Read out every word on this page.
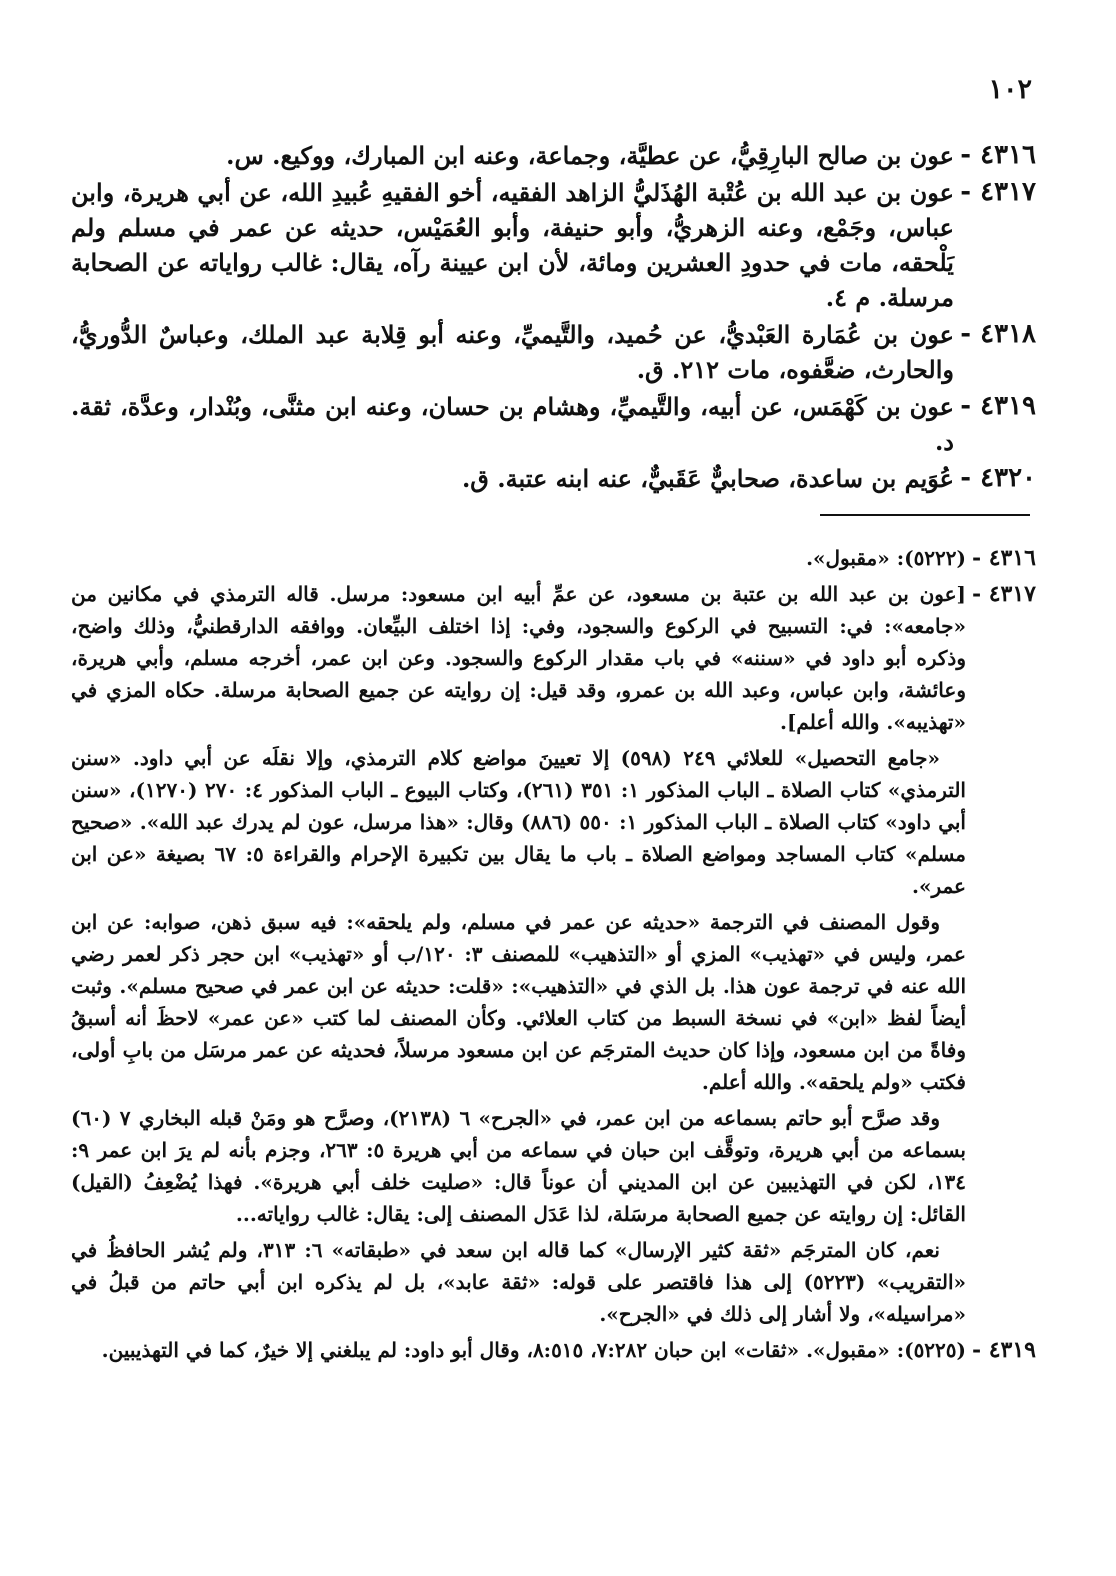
١٠٢
٤٣١٦ -
عون بن صالح البارِقِيُّ، عن عطيَّة، وجماعة، وعنه ابن المبارك، ووكيع. س.
٤٣١٧ -
عون بن عبد الله بن عُتْبة الهُذَليُّ الزاهد الفقيه، أخو الفقيهِ عُبيدِ الله، عن أبي هريرة، وابن عباس، وجَمْع، وعنه الزهريُّ، وأبو حنيفة، وأبو العُمَيْس، حديثه عن عمر في مسلم ولم يَلْحقه، مات في حدودِ العشرين ومائة، لأن ابن عيينة رآه، يقال: غالب رواياته عن الصحابة مرسلة. م ٤.
٤٣١٨ -
عون بن عُمَارة العَبْديُّ، عن حُميد، والتَّيميِّ، وعنه أبو قِلابة عبد الملك، وعباسٌ الدُّوريُّ، والحارث، ضعَّفوه، مات ٢١٢. ق.
٤٣١٩ -
عون بن كَهْمَس، عن أبيه، والتَّيميِّ، وهشام بن حسان، وعنه ابن مثنَّى، وبُنْدار، وعدَّة، ثقة. د.
٤٣٢٠ -
عُوَيم بن ساعدة، صحابيٌّ عَقَبيٌّ، عنه ابنه عتبة. ق.
٤٣١٦ -
(٥٢٢٢): «مقبول».
٤٣١٧ -
[عون بن عبد الله بن عتبة بن مسعود، عن عمِّ أبيه ابن مسعود: مرسل. قاله الترمذي في مكانين من «جامعه»: في: التسبيح في الركوع والسجود، وفي: إذا اختلف البيِّعان. ووافقه الدارقطنيُّ، وذلك واضح، وذكره أبو داود في «سننه» في باب مقدار الركوع والسجود. وعن ابن عمر، أخرجه مسلم، وأبي هريرة، وعائشة، وابن عباس، وعبد الله بن عمرو، وقد قيل: إن روايته عن جميع الصحابة مرسلة. حكاه المزي في «تهذيبه». والله أعلم].
«جامع التحصيل» للعلائي ٢٤٩ (٥٩٨) إلا تعيينَ مواضع كلام الترمذي، وإلا نقلَه عن أبي داود. «سنن الترمذي» كتاب الصلاة ـ الباب المذكور ١: ٣٥١ (٢٦١)، وكتاب البيوع ـ الباب المذكور ٤: ٢٧٠ (١٢٧٠)، «سنن أبي داود» كتاب الصلاة ـ الباب المذكور ١: ٥٥٠ (٨٨٦) وقال: «هذا مرسل، عون لم يدرك عبد الله». «صحيح مسلم» كتاب المساجد ومواضع الصلاة ـ باب ما يقال بين تكبيرة الإحرام والقراءة ٥: ٦٧ بصيغة «عن ابن عمر».
وقول المصنف في الترجمة «حديثه عن عمر في مسلم، ولم يلحقه»: فيه سبق ذهن، صوابه: عن ابن عمر، وليس في «تهذيب» المزي أو «التذهيب» للمصنف ٣: ١٢٠/ب أو «تهذيب» ابن حجر ذكر لعمر رضي الله عنه في ترجمة عون هذا. بل الذي في «التذهيب»: «قلت: حديثه عن ابن عمر في صحيح مسلم». وثبت أيضاً لفظ «ابن» في نسخة السبط من كتاب العلائي. وكأن المصنف لما كتب «عن عمر» لاحظَ أنه أسبقُ وفاةً من ابن مسعود، وإذا كان حديث المترجَم عن ابن مسعود مرسلاً، فحديثه عن عمر مرسَل من بابِ أولى، فكتب «ولم يلحقه». والله أعلم.
وقد صرَّح أبو حاتم بسماعه من ابن عمر، في «الجرح» ٦ (٢١٣٨)، وصرَّح هو ومَنْ قبله البخاري ٧ (٦٠) بسماعه من أبي هريرة، وتوقَّف ابن حبان في سماعه من أبي هريرة ٥: ٢٦٣، وجزم بأنه لم يرَ ابن عمر ٩: ١٣٤، لكن في التهذيبين عن ابن المديني أن عوناً قال: «صليت خلف أبي هريرة». فهذا يُضْعِفُ (القيل) القائل: إن روايته عن جميع الصحابة مرسَلة، لذا عَدَل المصنف إلى: يقال: غالب رواياته...
نعم، كان المترجَم «ثقة كثير الإرسال» كما قاله ابن سعد في «طبقاته» ٦: ٣١٣، ولم يُشر الحافظُ في «التقريب» (٥٢٢٣) إلى هذا فاقتصر على قوله: «ثقة عابد»، بل لم يذكره ابن أبي حاتم من قبلُ في «مراسيله»، ولا أشار إلى ذلك في «الجرح».
٤٣١٩ -
(٥٢٢٥): «مقبول». «ثقات» ابن حبان ٧:٢٨٢، ٨:٥١٥، وقال أبو داود: لم يبلغني إلا خيرٌ، كما في التهذيبين.
